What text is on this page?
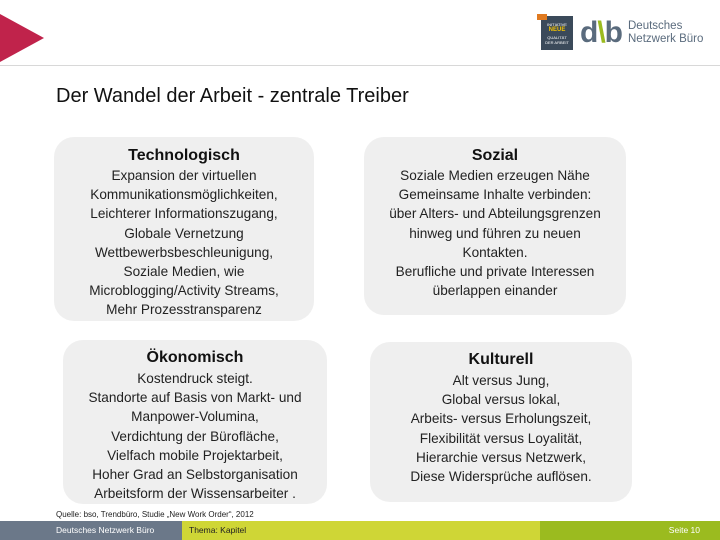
INITIATIVE
NEUE
QUALITÄT
DER ARBEIT d\b Deutsches
Netzwerk Büro
Der Wandel der Arbeit - zentrale Treiber
Technologisch
Expansion der virtuellen
Kommunikationsmöglichkeiten,
Leichterer Informationszugang,
Globale Vernetzung
Wettbewerbsbeschleunigung,
Soziale Medien, wie
Microblogging/Activity Streams,
Mehr Prozesstransparenz
Sozial
Soziale Medien erzeugen Nähe
Gemeinsame Inhalte verbinden:
über Alters- und Abteilungsgrenzen
hinweg und führen zu neuen
Kontakten.
Berufliche und private Interessen
überlappen einander
Ökonomisch
Kostendruck steigt.
Standorte auf Basis von Markt- und
Manpower-Volumina,
Verdichtung der Bürofläche,
Vielfach mobile Projektarbeit,
Hoher Grad an Selbstorganisation
Arbeitsform der Wissensarbeiter .
Kulturell
Alt versus Jung,
Global versus lokal,
Arbeits- versus Erholungszeit,
Flexibilität versus Loyalität,
Hierarchie versus Netzwerk,
Diese Widersprüche auflösen.
Quelle: bso, Trendbüro, Studie „New Work Order“, 2012
Deutsches Netzwerk Büro	Thema: Kapitel	Seite 10
